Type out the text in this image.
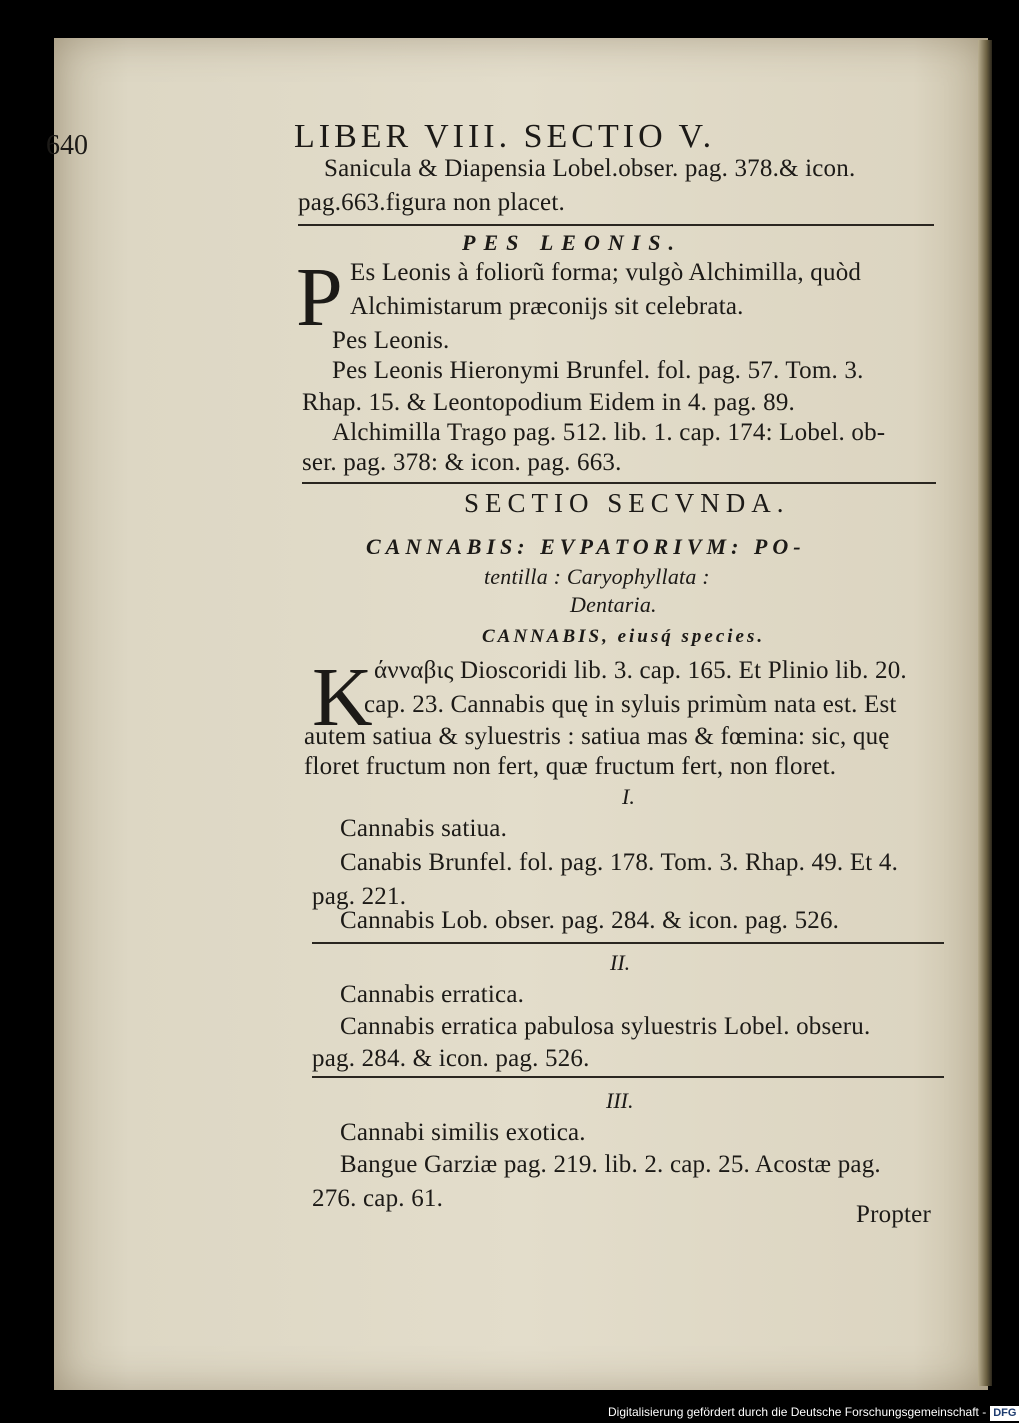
640	LIBER VIII. SECTIO V.
Sanicula & Diapensia Lobel.obser. pag. 378.& icon.
pag.663.figura non placet.
PES LEONIS.
P Es Leonis à foliorũ forma; vulgò Alchimilla, quòd
Alchimistarum præconijs sit celebrata.
Pes Leonis.
Pes Leonis Hieronymi Brunfel. fol. pag. 57. Tom. 3.
Rhap. 15. & Leontopodium Eidem in 4. pag. 89.
Alchimilla Trago pag. 512. lib. 1. cap. 174: Lobel. ob-
ser. pag. 378: & icon. pag. 663.
SECTIO SECVNDA.
CANNABIS: EVPATORIVM: PO-
tentilla : Caryophyllata :
Dentaria.
CANNABIS, eiusq́ species.
K άνναβις Dioscoridi lib. 3. cap. 165. Et Plinio lib. 20.
cap. 23. Cannabis quę in syluis primùm nata est. Est
autem satiua & syluestris : satiua mas & fœmina: sic, quę
floret fructum non fert, quæ fructum fert, non floret.
I.
Cannabis satiua.
Canabis Brunfel. fol. pag. 178. Tom. 3. Rhap. 49. Et 4.
pag. 221.
Cannabis Lob. obser. pag. 284. & icon. pag. 526.
II.
Cannabis erratica.
Cannabis erratica pabulosa syluestris Lobel. obseru.
pag. 284. & icon. pag. 526.
III.
Cannabi similis exotica.
Bangue Garziæ pag. 219. lib. 2. cap. 25. Acostæ pag.
276. cap. 61.
Propter
Digitalisierung gefördert durch die Deutsche Forschungsgemeinschaft - DFG
